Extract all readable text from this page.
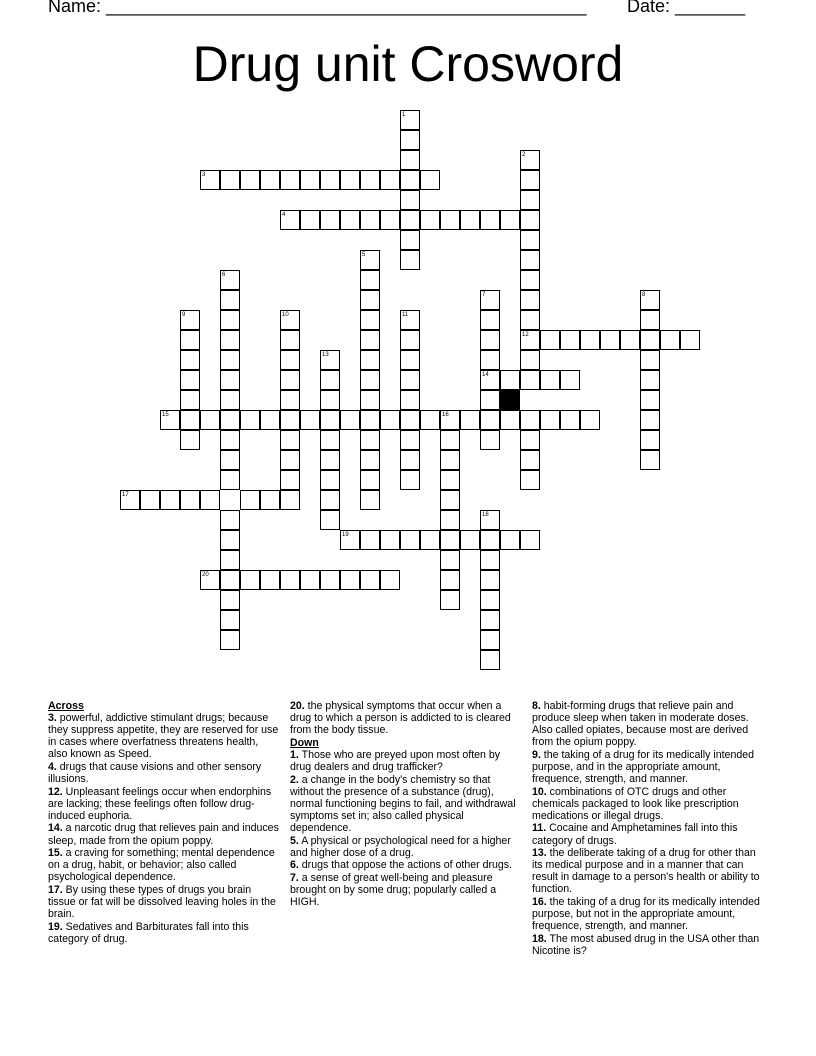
Name: ________________________________________________ Date: _______
Drug unit Crosword
1
2
12
3
4
5
6
7
14
8
9	10	11
13
15	16
17
18
19
20
Across
3. powerful, addictive stimulant drugs; because they suppress appetite, they are reserved for use in cases where overfatness threatens health, also known as Speed.
4. drugs that cause visions and other sensory illusions.
12. Unpleasant feelings occur when endorphins are lacking; these feelings often follow drug-induced euphoria.
14. a narcotic drug that relieves pain and induces sleep, made from the opium poppy.
15. a craving for something; mental dependence on a drug, habit, or behavior; also called psychological dependence.
17. By using these types of drugs you brain tissue or fat will be dissolved leaving holes in the brain.
19. Sedatives and Barbiturates fall into this category of drug.
20. the physical symptoms that occur when a drug to which a person is addicted to is cleared from the body tissue.
Down
1. Those who are preyed upon most often by drug dealers and drug trafficker?
2. a change in the body's chemistry so that without the presence of a substance (drug), normal functioning begins to fail, and withdrawal symptoms set in; also called physical dependence.
5. A physical or psychological need for a higher and higher dose of a drug.
6. drugs that oppose the actions of other drugs.
7. a sense of great well-being and pleasure brought on by some drug; popularly called a HIGH.
8. habit-forming drugs that relieve pain and produce sleep when taken in moderate doses. Also called opiates, because most are derived from the opium poppy.
9. the taking of a drug for its medically intended purpose, and in the appropriate amount, frequence, strength, and manner.
10. combinations of OTC drugs and other chemicals packaged to look like prescription medications or illegal drugs.
11. Cocaine and Amphetamines fall into this category of drugs.
13. the deliberate taking of a drug for other than its medical purpose and in a manner that can result in damage to a person's health or ability to function.
16. the taking of a drug for its medically intended purpose, but not in the appropriate amount, frequence, strength, and manner.
18. The most abused drug in the USA other than Nicotine is?
